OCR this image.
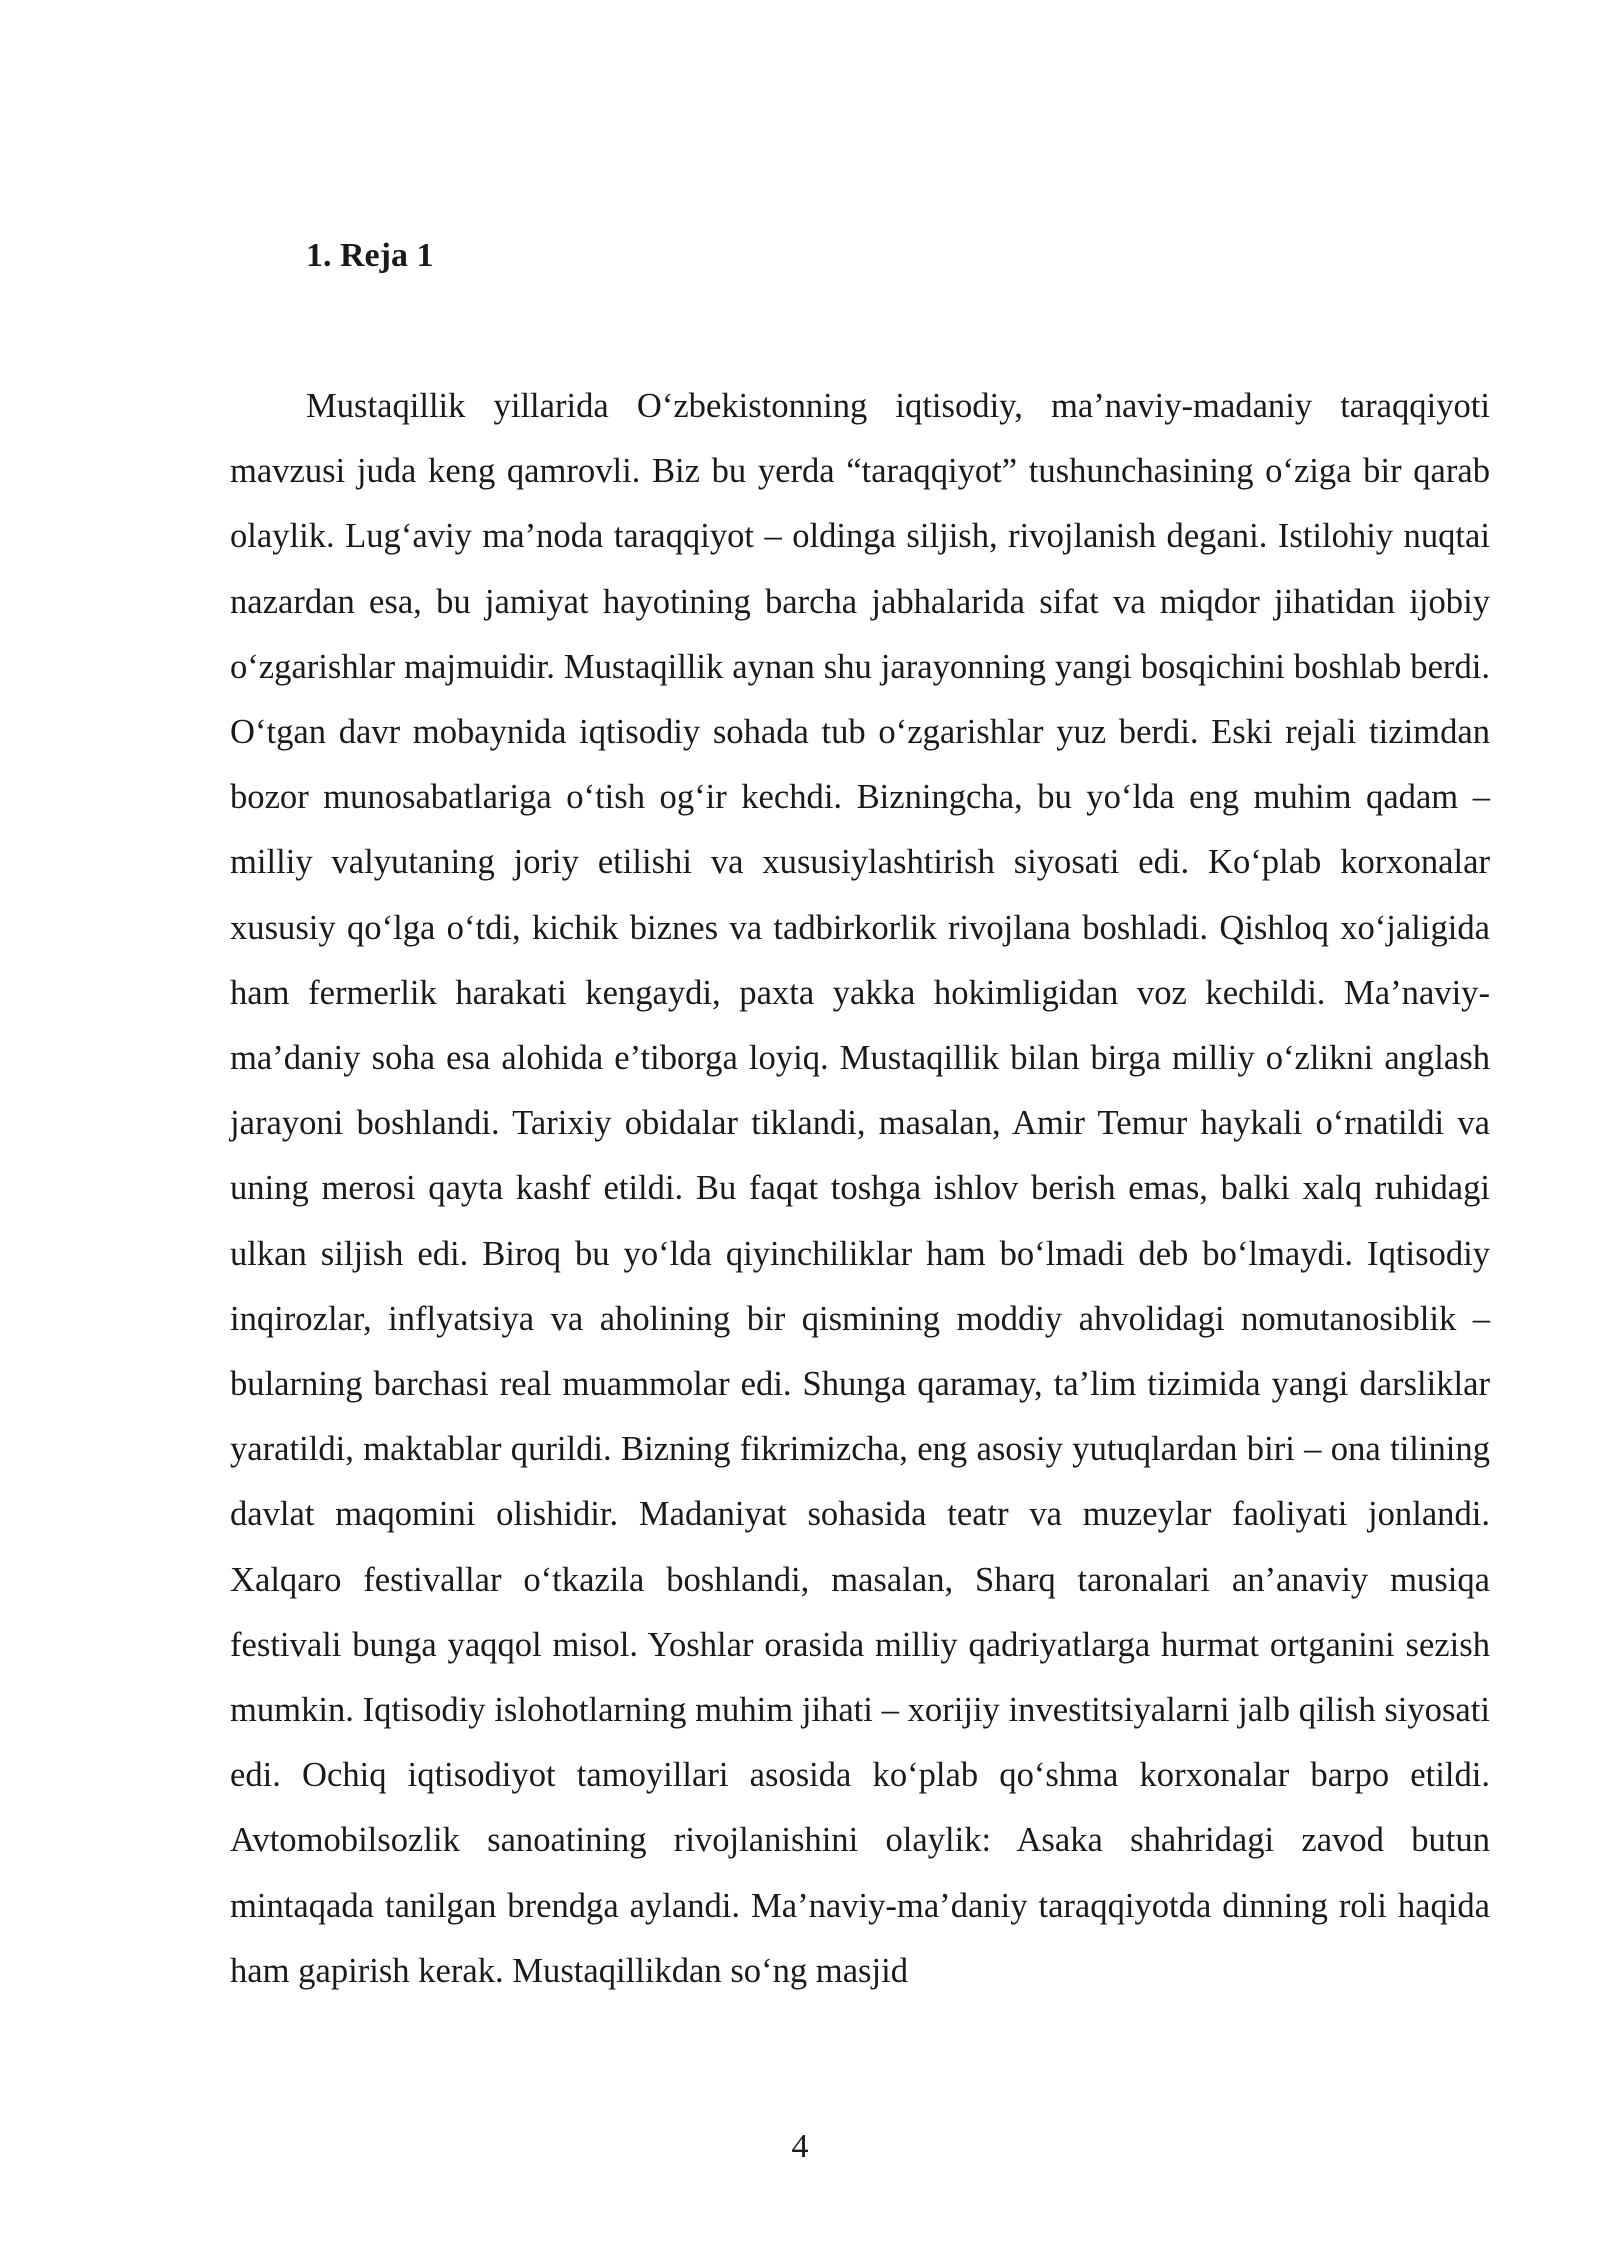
1. Reja 1

Mustaqillik yillarida O‘zbekistonning iqtisodiy, ma’naviy-madaniy taraqqiyoti mavzusi juda keng qamrovli. Biz bu yerda “taraqqiyot” tushunchasining o‘ziga bir qarab olaylik. Lug‘aviy ma’noda taraqqiyot – oldinga siljish, rivojlanish degani. Istilohiy nuqtai nazardan esa, bu jamiyat hayotining barcha jabhalarida sifat va miqdor jihatidan ijobiy o‘zgarishlar majmuidir. Mustaqillik aynan shu jarayonning yangi bosqichini boshlab berdi. O‘tgan davr mobaynida iqtisodiy sohada tub o‘zgarishlar yuz berdi. Eski rejali tizimdan bozor munosabatlariga o‘tish og‘ir kechdi. Bizningcha, bu yo‘lda eng muhim qadam – milliy valyutaning joriy etilishi va xususiylashtirish siyosati edi. Ko‘plab korxonalar xususiy qo‘lga o‘tdi, kichik biznes va tadbirkorlik rivojlana boshladi. Qishloq xo‘jaligida ham fermerlik harakati kengaydi, paxta yakka hokimligidan voz kechildi. Ma’naviy-ma’daniy soha esa alohida e’tiborga loyiq. Mustaqillik bilan birga milliy o‘zlikni anglash jarayoni boshlandi. Tarixiy obidalar tiklandi, masalan, Amir Temur haykali o‘rnatildi va uning merosi qayta kashf etildi. Bu faqat toshga ishlov berish emas, balki xalq ruhidagi ulkan siljish edi. Biroq bu yo‘lda qiyinchiliklar ham bo‘lmadi deb bo‘lmaydi. Iqtisodiy inqirozlar, inflyatsiya va aholining bir qismining moddiy ahvolidagi nomutanosiblik – bularning barchasi real muammolar edi. Shunga qaramay, ta’lim tizimida yangi darsliklar yaratildi, maktablar qurildi. Bizning fikrimizcha, eng asosiy yutuqlardan biri – ona tilining davlat maqomini olishidir. Madaniyat sohasida teatr va muzeylar faoliyati jonlandi. Xalqaro festivallar o‘tkazila boshlandi, masalan, Sharq taronalari an’anaviy musiqa festivali bunga yaqqol misol. Yoshlar orasida milliy qadriyatlarga hurmat ortganini sezish mumkin. Iqtisodiy islohotlarning muhim jihati – xorijiy investitsiyalarni jalb qilish siyosati edi. Ochiq iqtisodiyot tamoyillari asosida ko‘plab qo‘shma korxonalar barpo etildi. Avtomobilsozlik sanoatining rivojlanishini olaylik: Asaka shahridagi zavod butun mintaqada tanilgan brendga aylandi. Ma’naviy-ma’daniy taraqqiyotda dinning roli haqida ham gapirish kerak. Mustaqillikdan so‘ng masjid

4
